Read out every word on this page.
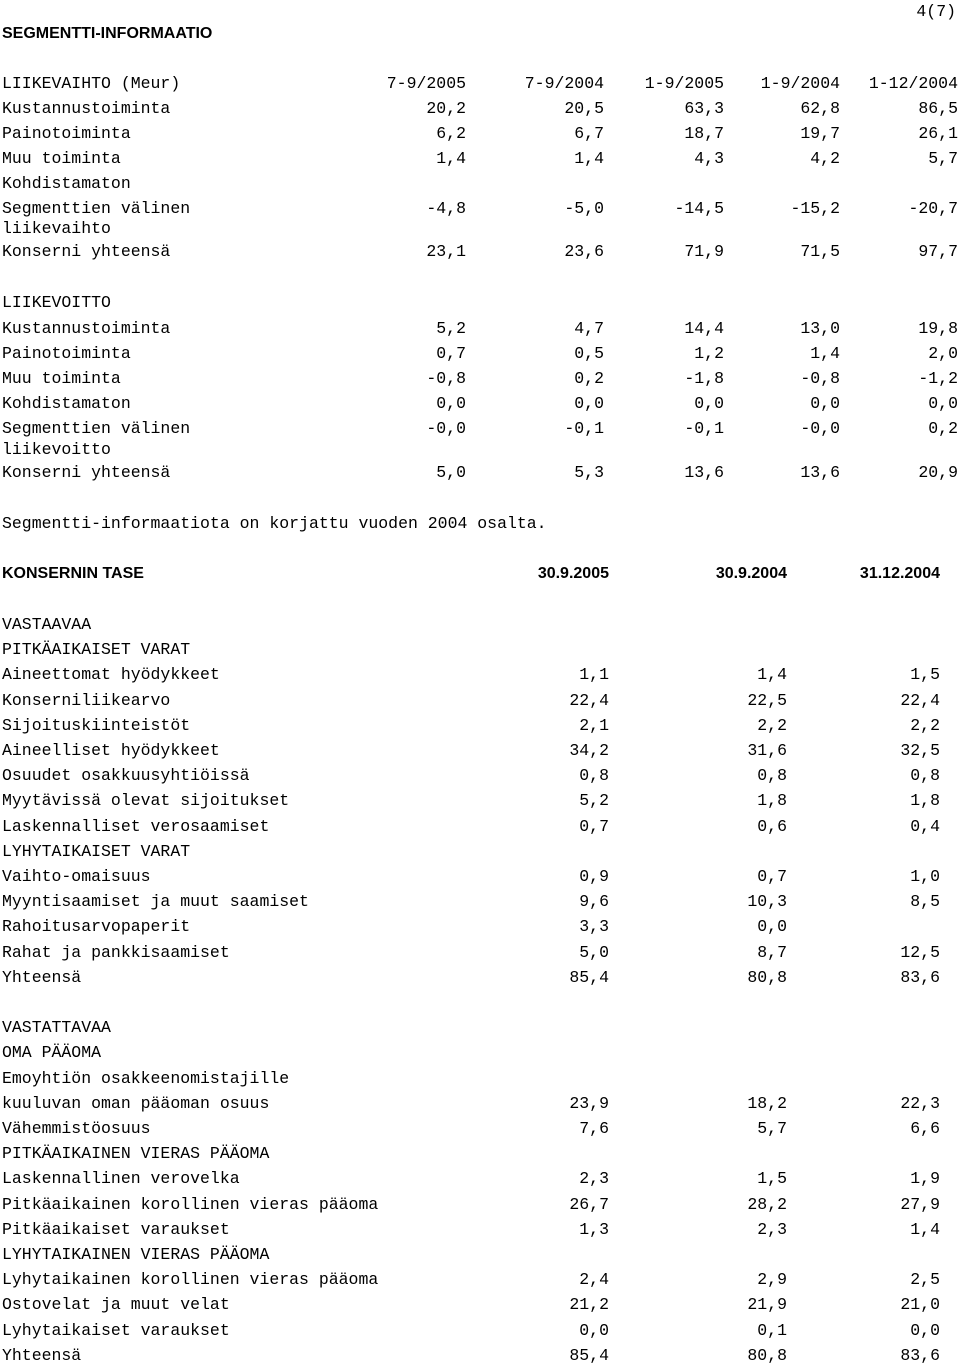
4(7)
SEGMENTTI-INFORMAATIO
LIIKEVAIHTO (Meur)	7-9/2005	7-9/2004 1-9/2005 1-9/2004 1-12/2004
Kustannustoiminta	20,2	20,5	63,3	62,8	86,5
Painotoiminta	6,2	6,7	18,7	19,7	26,1
Muu toiminta	1,4	1,4	4,3	4,2	5,7
Kohdistamaton
Segmenttien välinen	-4,8	-5,0	-14,5	-15,2	-20,7
liikevaihto
Konserni yhteensä	23,1	23,6	71,9	71,5	97,7
LIIKEVOITTO
Kustannustoiminta	5,2	4,7	14,4	13,0	19,8
Painotoiminta	0,7	0,5	1,2	1,4	2,0
Muu toiminta	-0,8	0,2	-1,8	-0,8	-1,2
Kohdistamaton	0,0	0,0	0,0	0,0	0,0
Segmenttien välinen	-0,0	-0,1	-0,1	-0,0	0,2
liikevoitto
Konserni yhteensä	5,0	5,3	13,6	13,6	20,9
Segmentti-informaatiota on korjattu vuoden 2004 osalta.
KONSERNIN TASE	30.9.2005	30.9.2004	31.12.2004
VASTAAVAA
PITKÄAIKAISET VARAT
Aineettomat hyödykkeet	1,1	1,4	1,5
Konserniliikearvo	22,4	22,5	22,4
Sijoituskiinteistöt	2,1	2,2	2,2
Aineelliset hyödykkeet	34,2	31,6	32,5
Osuudet osakkuusyhtiöissä	0,8	0,8	0,8
Myytävissä olevat sijoitukset	5,2	1,8	1,8
Laskennalliset verosaamiset	0,7	0,6	0,4
LYHYTAIKAISET VARAT
Vaihto-omaisuus	0,9	0,7	1,0
Myyntisaamiset ja muut saamiset	9,6	10,3	8,5
Rahoitusarvopaperit	3,3	0,0
Rahat ja pankkisaamiset	5,0	8,7	12,5
Yhteensä	85,4	80,8	83,6
VASTATTAVAA
OMA PÄÄOMA
Emoyhtiön osakkeenomistajille
kuuluvan oman pääoman osuus	23,9	18,2	22,3
Vähemmistöosuus	7,6	5,7	6,6
PITKÄAIKAINEN VIERAS PÄÄOMA
Laskennallinen verovelka	2,3	1,5	1,9
Pitkäaikainen korollinen vieras pääoma	26,7	28,2	27,9
Pitkäaikaiset varaukset	1,3	2,3	1,4
LYHYTAIKAINEN VIERAS PÄÄOMA
Lyhytaikainen korollinen vieras pääoma	2,4	2,9	2,5
Ostovelat ja muut velat	21,2	21,9	21,0
Lyhytaikaiset varaukset	0,0	0,1	0,0
Yhteensä	85,4	80,8	83,6
